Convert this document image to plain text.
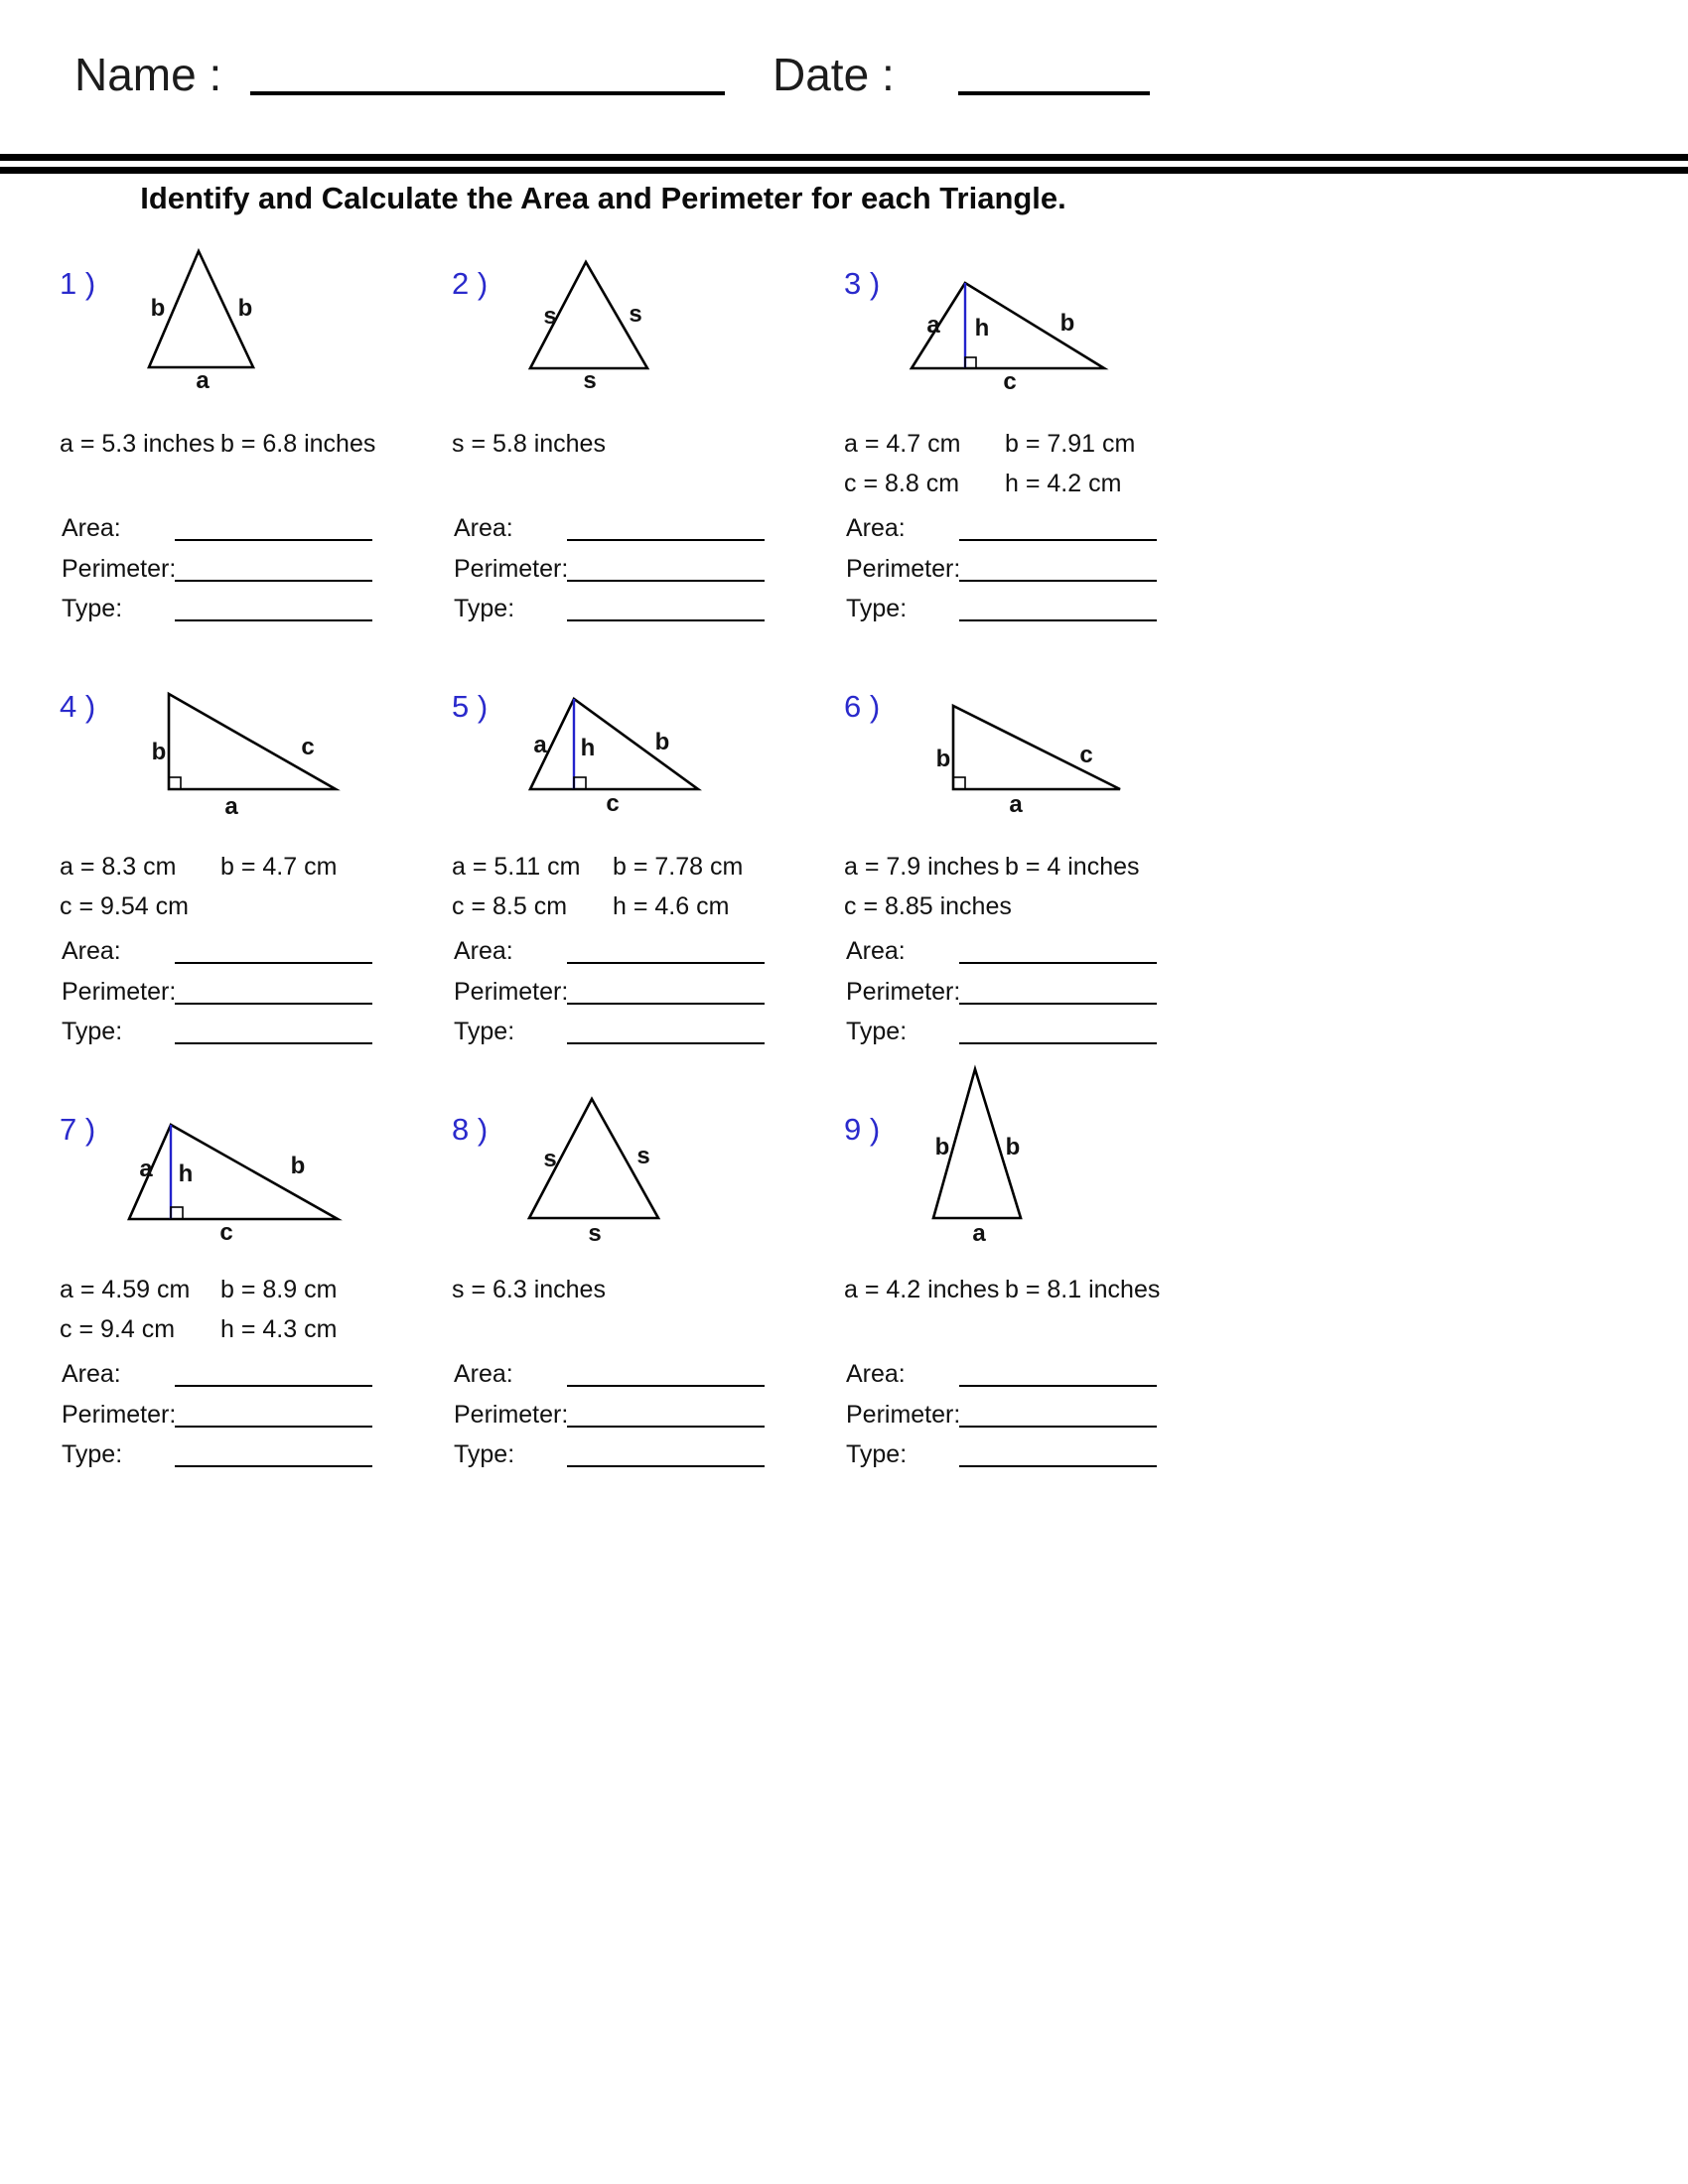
Name :	Date :
Identify and Calculate the Area and Perimeter for each Triangle.
1 )
b	b
a
a = 5.3 inches b = 6.8 inches
Area:
Perimeter:
Type:
2 )
s	s
s
s = 5.8 inches
Area:
Perimeter:
Type:
3 )
a h	b
c
a = 4.7 cm	b = 7.91 cm
c = 8.8 cm	h = 4.2 cm
Area:
Perimeter:
Type:
4 )
b	c
a
a = 8.3 cm	b = 4.7 cm
c = 9.54 cm
Area:
Perimeter:
Type:
5 )
a h	b
c
a = 5.11 cm	b = 7.78 cm
c = 8.5 cm	h = 4.6 cm
Area:
Perimeter:
Type:
6 )
b	c
a
a = 7.9 inches b = 4 inches
c = 8.85 inches
Area:
Perimeter:
Type:
7 )
a h	b
c
a = 4.59 cm	b = 8.9 cm
c = 9.4 cm	h = 4.3 cm
Area:
Perimeter:
Type:
8 )
s	s
s
s = 6.3 inches
Area:
Perimeter:
Type:
9 )
b b
a
a = 4.2 inches b = 8.1 inches
Area:
Perimeter:
Type:
